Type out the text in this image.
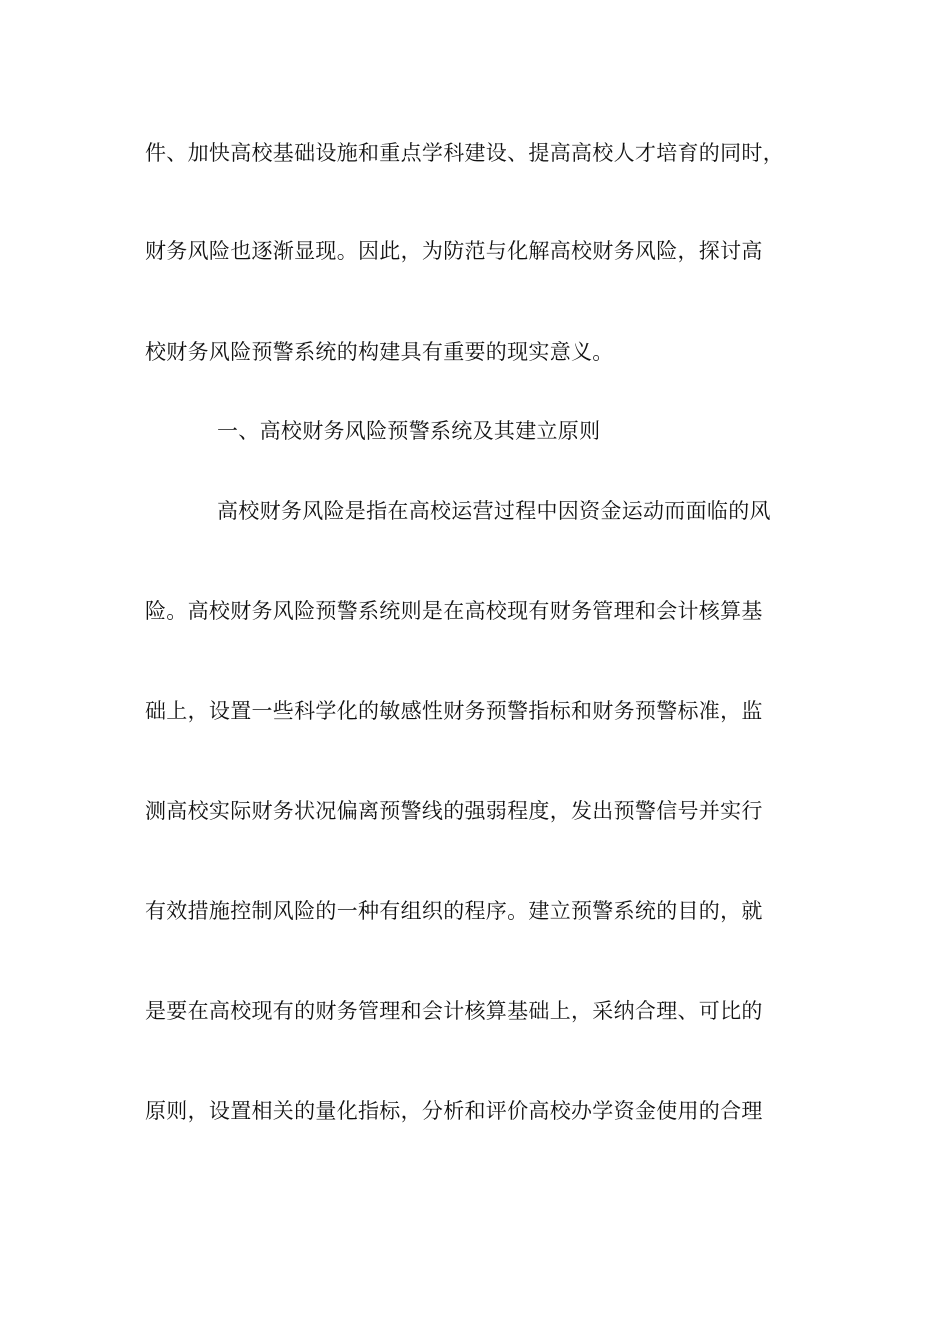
件、加快高校基础设施和重点学科建设、提高高校人才培育的同时，
财务风险也逐渐显现。因此，为防范与化解高校财务风险，探讨高
校财务风险预警系统的构建具有重要的现实意义。
一、高校财务风险预警系统及其建立原则
高校财务风险是指在高校运营过程中因资金运动而面临的风
险。高校财务风险预警系统则是在高校现有财务管理和会计核算基
础上，设置一些科学化的敏感性财务预警指标和财务预警标准，监
测高校实际财务状况偏离预警线的强弱程度，发出预警信号并实行
有效措施控制风险的一种有组织的程序。建立预警系统的目的，就
是要在高校现有的财务管理和会计核算基础上，采纳合理、可比的
原则，设置相关的量化指标，分析和评价高校办学资金使用的合理
